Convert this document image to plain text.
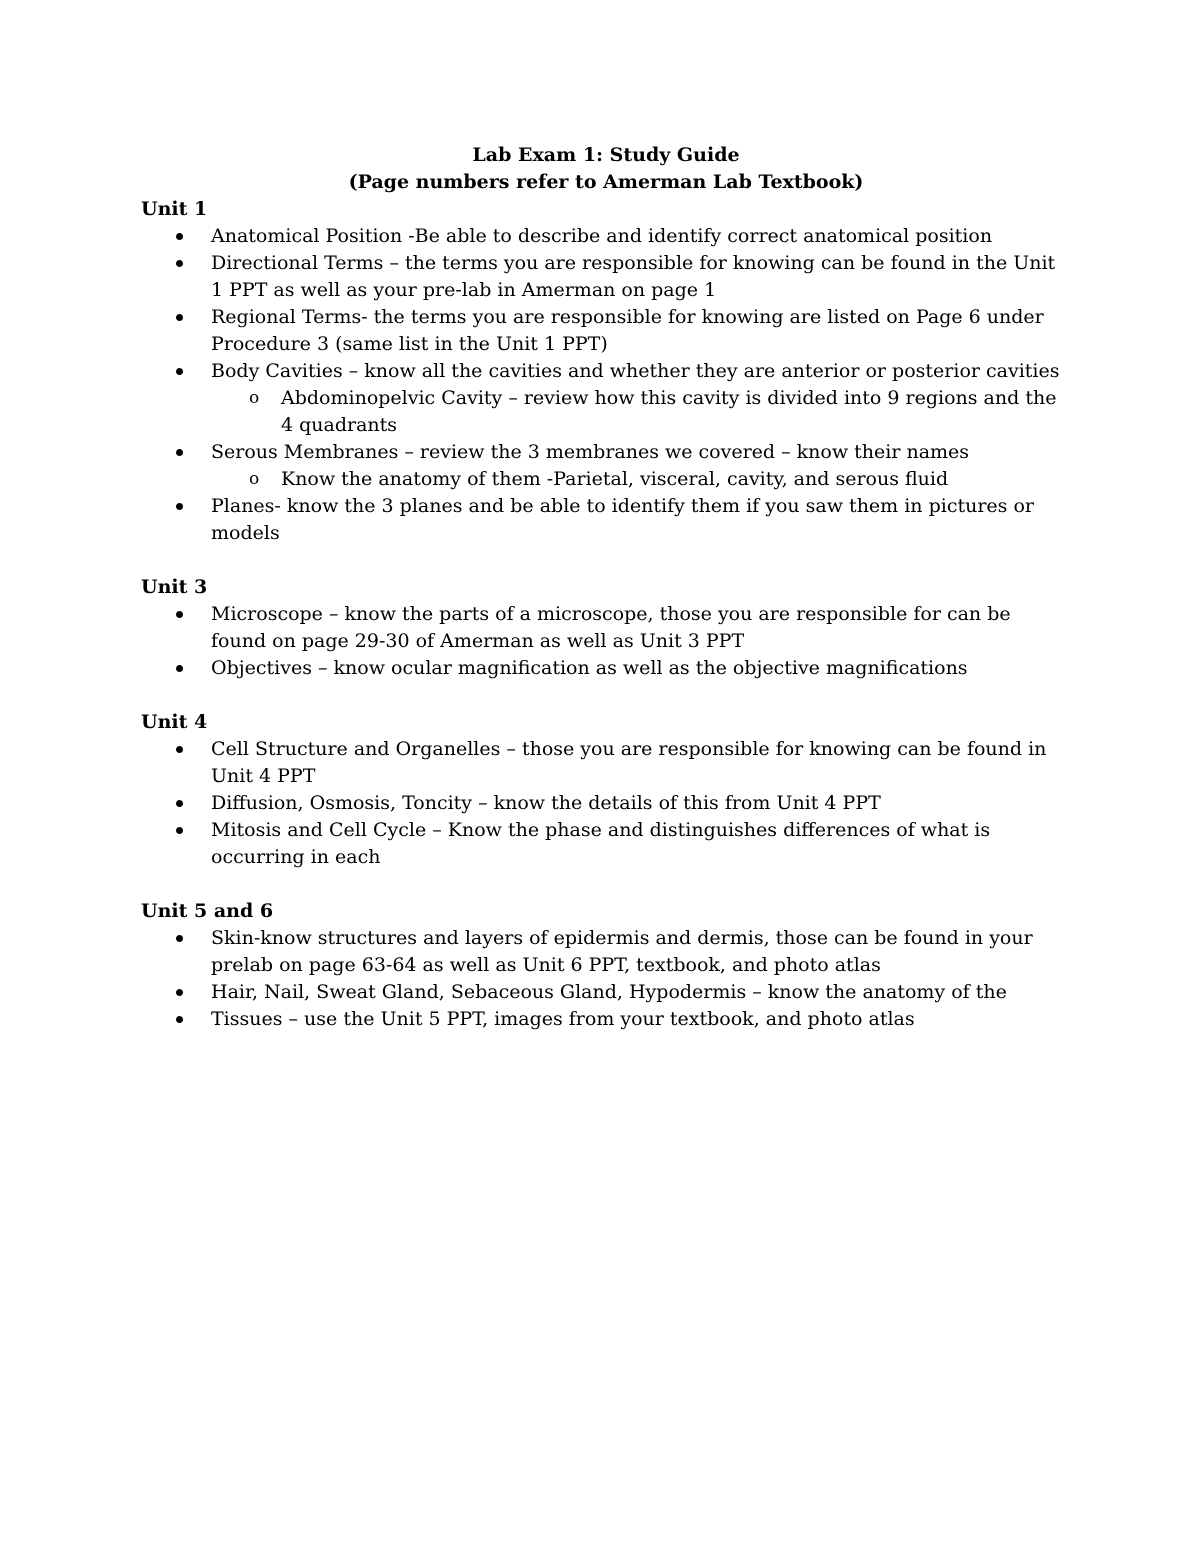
Lab Exam 1: Study Guide
(Page numbers refer to Amerman Lab Textbook)
Unit 1
Anatomical Position -Be able to describe and identify correct anatomical position
Directional Terms – the terms you are responsible for knowing can be found in the Unit 1 PPT as well as your pre-lab in Amerman on page 1
Regional Terms- the terms you are responsible for knowing are listed on Page 6 under Procedure 3 (same list in the Unit 1 PPT)
Body Cavities – know all the cavities and whether they are anterior or posterior cavities
o Abdominopelvic Cavity – review how this cavity is divided into 9 regions and the 4 quadrants
Serous Membranes – review the 3 membranes we covered – know their names
o Know the anatomy of them -Parietal, visceral, cavity, and serous fluid
Planes- know the 3 planes and be able to identify them if you saw them in pictures or models
Unit 3
Microscope – know the parts of a microscope, those you are responsible for can be found on page 29-30 of Amerman as well as Unit 3 PPT
Objectives – know ocular magnification as well as the objective magnifications
Unit 4
Cell Structure and Organelles – those you are responsible for knowing can be found in Unit 4 PPT
Diffusion, Osmosis, Toncity – know the details of this from Unit 4 PPT
Mitosis and Cell Cycle – Know the phase and distinguishes differences of what is occurring in each
Unit 5 and 6
Skin-know structures and layers of epidermis and dermis, those can be found in your prelab on page 63-64 as well as Unit 6 PPT, textbook, and photo atlas
Hair, Nail, Sweat Gland, Sebaceous Gland, Hypodermis – know the anatomy of the
Tissues – use the Unit 5 PPT, images from your textbook, and photo atlas
